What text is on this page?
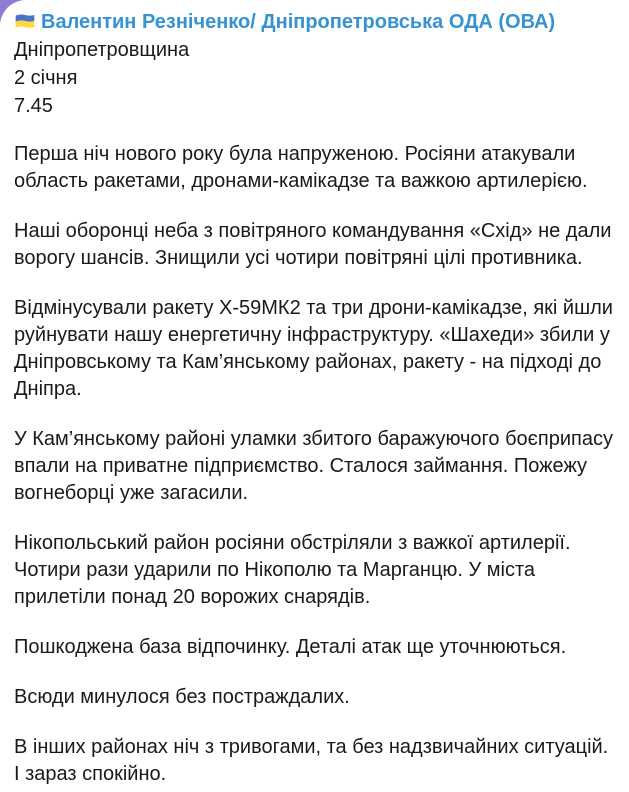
Валентин Резніченко/ Дніпропетровська ОДА (ОВА)
Дніпропетровщина
2 січня
7.45

Перша ніч нового року була напруженою. Росіяни атакували область ракетами, дронами-камікадзе та важкою артилерією.

Наші оборонці неба з повітряного командування «Схід» не дали ворогу шансів. Знищили усі чотири повітряні цілі противника.

Відмінусували ракету Х-59МК2 та три дрони-камікадзе, які йшли руйнувати нашу енергетичну інфраструктуру. «Шахеди» збили у Дніпровському та Кам’янському районах, ракету - на підході до Дніпра.

У Кам’янському районі уламки збитого баражуючого боєприпасу впали на приватне підприємство. Сталося займання. Пожежу вогнеборці уже загасили.

Нікопольський район росіяни обстріляли з важкої артилерії. Чотири рази ударили по Нікополю та Марганцю. У міста прилетіли понад 20 ворожих снарядів.

Пошкоджена база відпочинку. Деталі атак ще уточнюються.

Всюди минулося без постраждалих.

В інших районах ніч з тривогами, та без надзвичайних ситуацій. І зараз спокійно.
